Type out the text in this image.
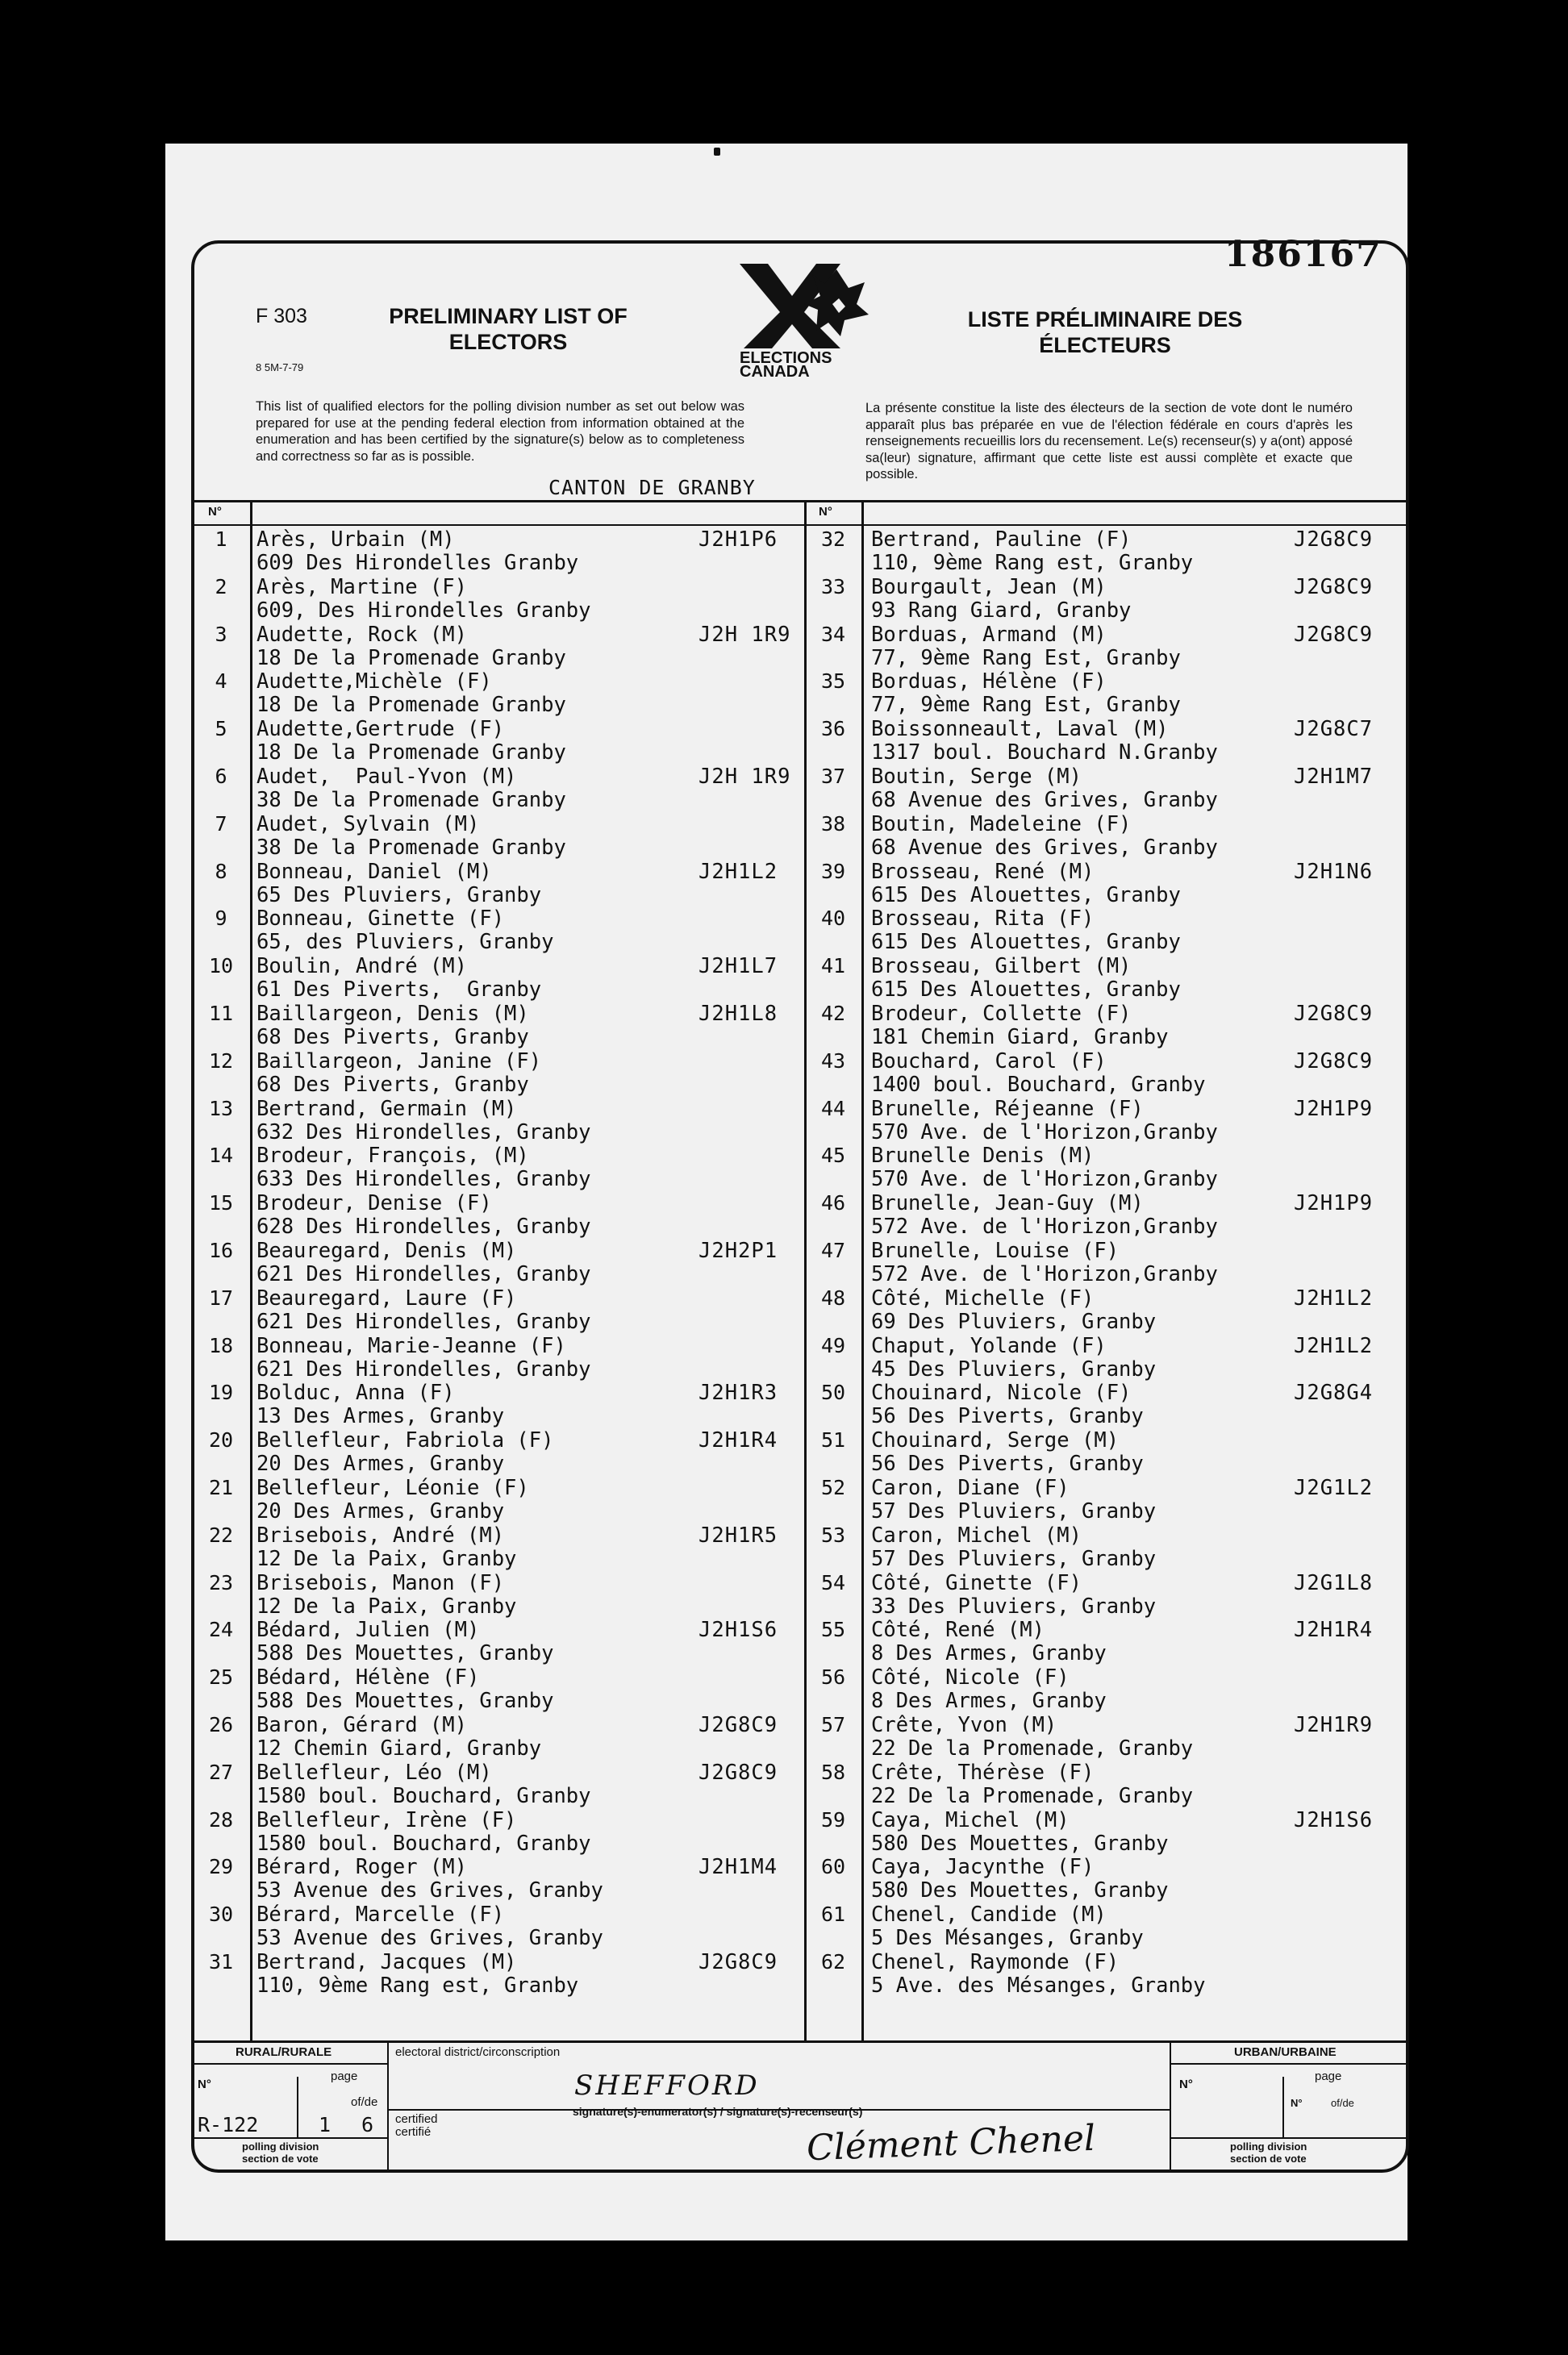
186167
F 303
8 5M-7-79
PRELIMINARY LIST OF ELECTORS
LISTE PRÉLIMINAIRE DES ÉLECTEURS
ELECTIONS
CANADA
This list of qualified electors for the polling division number as set out below was prepared for use at the pending federal election from information obtained at the enumeration and has been certified by the signature(s) below as to completeness and correctness so far as is possible.
La présente constitue la liste des électeurs de la section de vote dont le numéro apparaît plus bas préparée en vue de l'élection fédérale en cours d'après les renseignements recueillis lors du recensement. Le(s) recenseur(s) y a(ont) apposé sa(leur) signature, affirmant que cette liste est aussi complète et exacte que possible.
CANTON DE GRANBY
N°	N°
1	Arès, Urbain (M)	J2H1P6
609 Des Hirondelles Granby
2	Arès, Martine (F)
609, Des Hirondelles Granby
3	Audette, Rock (M)	J2H 1R9
18 De la Promenade Granby
4	Audette,Michèle (F)
18 De la Promenade Granby
5	Audette,Gertrude (F)
18 De la Promenade Granby
6	Audet,  Paul-Yvon (M)	J2H 1R9
38 De la Promenade Granby
7	Audet, Sylvain (M)
38 De la Promenade Granby
8	Bonneau, Daniel (M)	J2H1L2
65 Des Pluviers, Granby
9	Bonneau, Ginette (F)
65, des Pluviers, Granby
10	Boulin, André (M)	J2H1L7
61 Des Piverts,  Granby
11	Baillargeon, Denis (M)	J2H1L8
68 Des Piverts, Granby
12	Baillargeon, Janine (F)
68 Des Piverts, Granby
13	Bertrand, Germain (M)
632 Des Hirondelles, Granby
14	Brodeur, François, (M)
633 Des Hirondelles, Granby
15	Brodeur, Denise (F)
628 Des Hirondelles, Granby
16	Beauregard, Denis (M)	J2H2P1
621 Des Hirondelles, Granby
17	Beauregard, Laure (F)
621 Des Hirondelles, Granby
18	Bonneau, Marie-Jeanne (F)
621 Des Hirondelles, Granby
19	Bolduc, Anna (F)	J2H1R3
13 Des Armes, Granby
20	Bellefleur, Fabriola (F)	J2H1R4
20 Des Armes, Granby
21	Bellefleur, Léonie (F)
20 Des Armes, Granby
22	Brisebois, André (M)	J2H1R5
12 De la Paix, Granby
23	Brisebois, Manon (F)
12 De la Paix, Granby
24	Bédard, Julien (M)	J2H1S6
588 Des Mouettes, Granby
25	Bédard, Hélène (F)
588 Des Mouettes, Granby
26	Baron, Gérard (M)	J2G8C9
12 Chemin Giard, Granby
27	Bellefleur, Léo (M)	J2G8C9
1580 boul. Bouchard, Granby
28	Bellefleur, Irène (F)
1580 boul. Bouchard, Granby
29	Bérard, Roger (M)	J2H1M4
53 Avenue des Grives, Granby
30	Bérard, Marcelle (F)
53 Avenue des Grives, Granby
31	Bertrand, Jacques (M)	J2G8C9
110, 9ème Rang est, Granby
32	Bertrand, Pauline (F)	J2G8C9
110, 9ème Rang est, Granby
33	Bourgault, Jean (M)	J2G8C9
93 Rang Giard, Granby
34	Borduas, Armand (M)	J2G8C9
77, 9ème Rang Est, Granby
35	Borduas, Hélène (F)
77, 9ème Rang Est, Granby
36	Boissonneault, Laval (M)	J2G8C7
1317 boul. Bouchard N.Granby
37	Boutin, Serge (M)	J2H1M7
68 Avenue des Grives, Granby
38	Boutin, Madeleine (F)
68 Avenue des Grives, Granby
39	Brosseau, René (M)	J2H1N6
615 Des Alouettes, Granby
40	Brosseau, Rita (F)
615 Des Alouettes, Granby
41	Brosseau, Gilbert (M)
615 Des Alouettes, Granby
42	Brodeur, Collette (F)	J2G8C9
181 Chemin Giard, Granby
43	Bouchard, Carol (F)	J2G8C9
1400 boul. Bouchard, Granby
44	Brunelle, Réjeanne (F)	J2H1P9
570 Ave. de l'Horizon,Granby
45	Brunelle Denis (M)
570 Ave. de l'Horizon,Granby
46	Brunelle, Jean-Guy (M)	J2H1P9
572 Ave. de l'Horizon,Granby
47	Brunelle, Louise (F)
572 Ave. de l'Horizon,Granby
48	Côté, Michelle (F)	J2H1L2
69 Des Pluviers, Granby
49	Chaput, Yolande (F)	J2H1L2
45 Des Pluviers, Granby
50	Chouinard, Nicole (F)	J2G8G4
56 Des Piverts, Granby
51	Chouinard, Serge (M)
56 Des Piverts, Granby
52	Caron, Diane (F)	J2G1L2
57 Des Pluviers, Granby
53	Caron, Michel (M)
57 Des Pluviers, Granby
54	Côté, Ginette (F)	J2G1L8
33 Des Pluviers, Granby
55	Côté, René (M)	J2H1R4
8 Des Armes, Granby
56	Côté, Nicole (F)
8 Des Armes, Granby
57	Crête, Yvon (M)	J2H1R9
22 De la Promenade, Granby
58	Crête, Thérèse (F)
22 De la Promenade, Granby
59	Caya, Michel (M)	J2H1S6
580 Des Mouettes, Granby
60	Caya, Jacynthe (F)
580 Des Mouettes, Granby
61	Chenel, Candide (M)
5 Des Mésanges, Granby
62	Chenel, Raymonde (F)
5 Ave. des Mésanges, Granby
RURAL/RURALE	URBAN/URBAINE
electoral district/circonscription
N°
page
of/de
R-122	1 6
polling division section de vote
SHEFFORD
signature(s)-enumerator(s) / signature(s)-recenseur(s)
certified certifié	Clément Chenel
N°
page
N°	of/de
polling division section de vote
